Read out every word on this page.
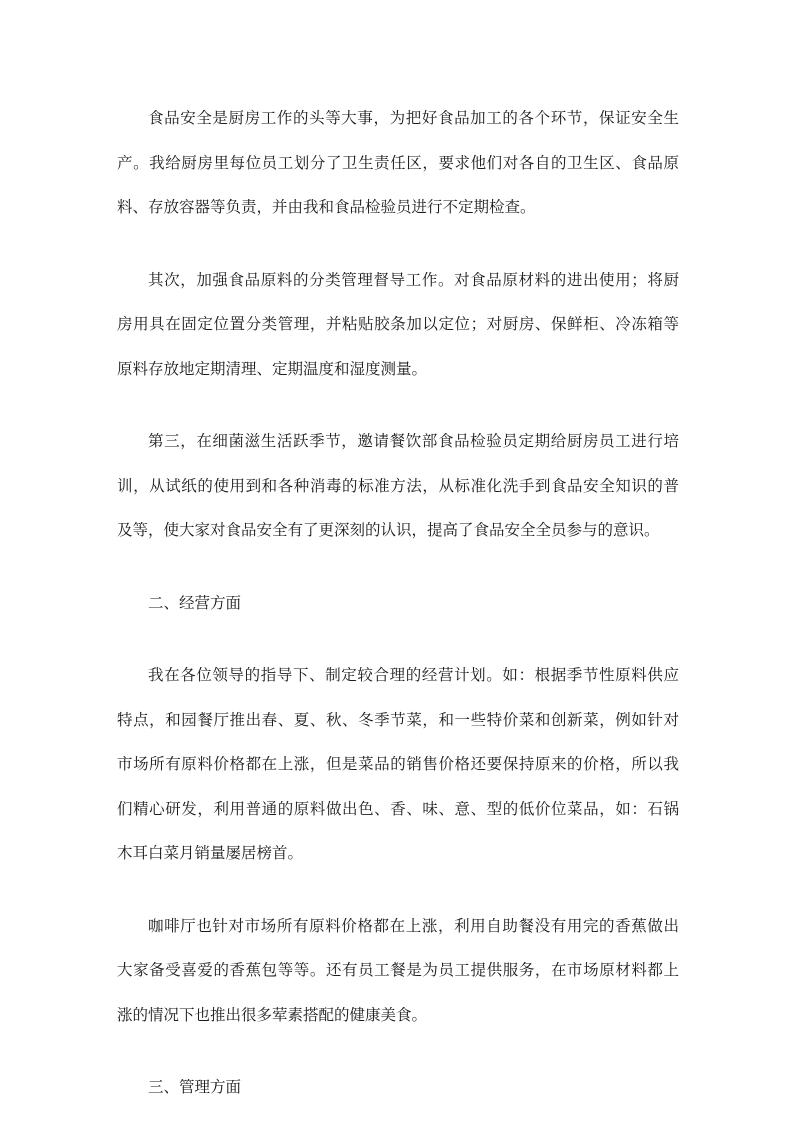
食品安全是厨房工作的头等大事，为把好食品加工的各个环节，保证安全生
产。我给厨房里每位员工划分了卫生责任区，要求他们对各自的卫生区、食品原
料、存放容器等负责，并由我和食品检验员进行不定期检查。
其次，加强食品原料的分类管理督导工作。对食品原材料的进出使用；将厨
房用具在固定位置分类管理，并粘贴胶条加以定位；对厨房、保鲜柜、冷冻箱等
原料存放地定期清理、定期温度和湿度测量。
第三，在细菌滋生活跃季节，邀请餐饮部食品检验员定期给厨房员工进行培
训，从试纸的使用到和各种消毒的标准方法，从标准化洗手到食品安全知识的普
及等，使大家对食品安全有了更深刻的认识，提高了食品安全全员参与的意识。
二、经营方面
我在各位领导的指导下、制定较合理的经营计划。如：根据季节性原料供应
特点，和园餐厅推出春、夏、秋、冬季节菜，和一些特价菜和创新菜，例如针对
市场所有原料价格都在上涨，但是菜品的销售价格还要保持原来的价格，所以我
们精心研发，利用普通的原料做出色、香、味、意、型的低价位菜品，如：石锅
木耳白菜月销量屡居榜首。
咖啡厅也针对市场所有原料价格都在上涨，利用自助餐没有用完的香蕉做出
大家备受喜爱的香蕉包等等。还有员工餐是为员工提供服务，在市场原材料都上
涨的情况下也推出很多荤素搭配的健康美食。
三、管理方面
